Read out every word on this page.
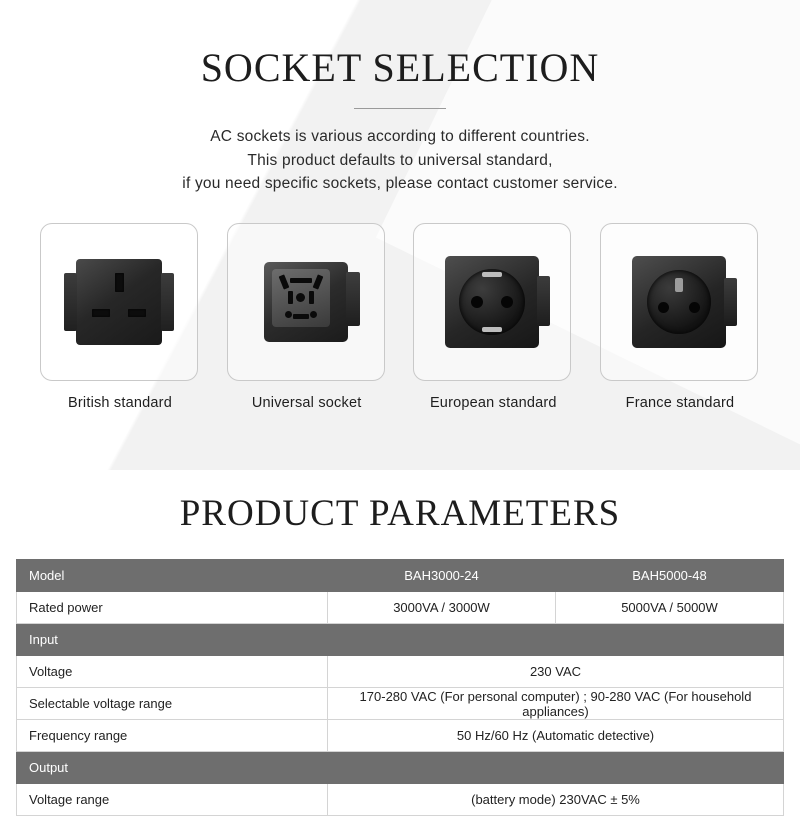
SOCKET SELECTION
AC sockets is various according to different countries.
This product defaults to universal standard,
if you need specific sockets, please contact customer service.
British standard	Universal socket	European standard	France standard
PRODUCT PARAMETERS
Model	BAH3000-24	BAH5000-48
Rated power	3000VA / 3000W	5000VA / 5000W
Input		
Voltage	230 VAC	
Selectable voltage range	170-280 VAC (For personal computer) ; 90-280 VAC (For household appliances)	
Frequency range	50 Hz/60 Hz (Automatic detective)	
Output		
Voltage range	(battery mode) 230VAC ± 5%	
